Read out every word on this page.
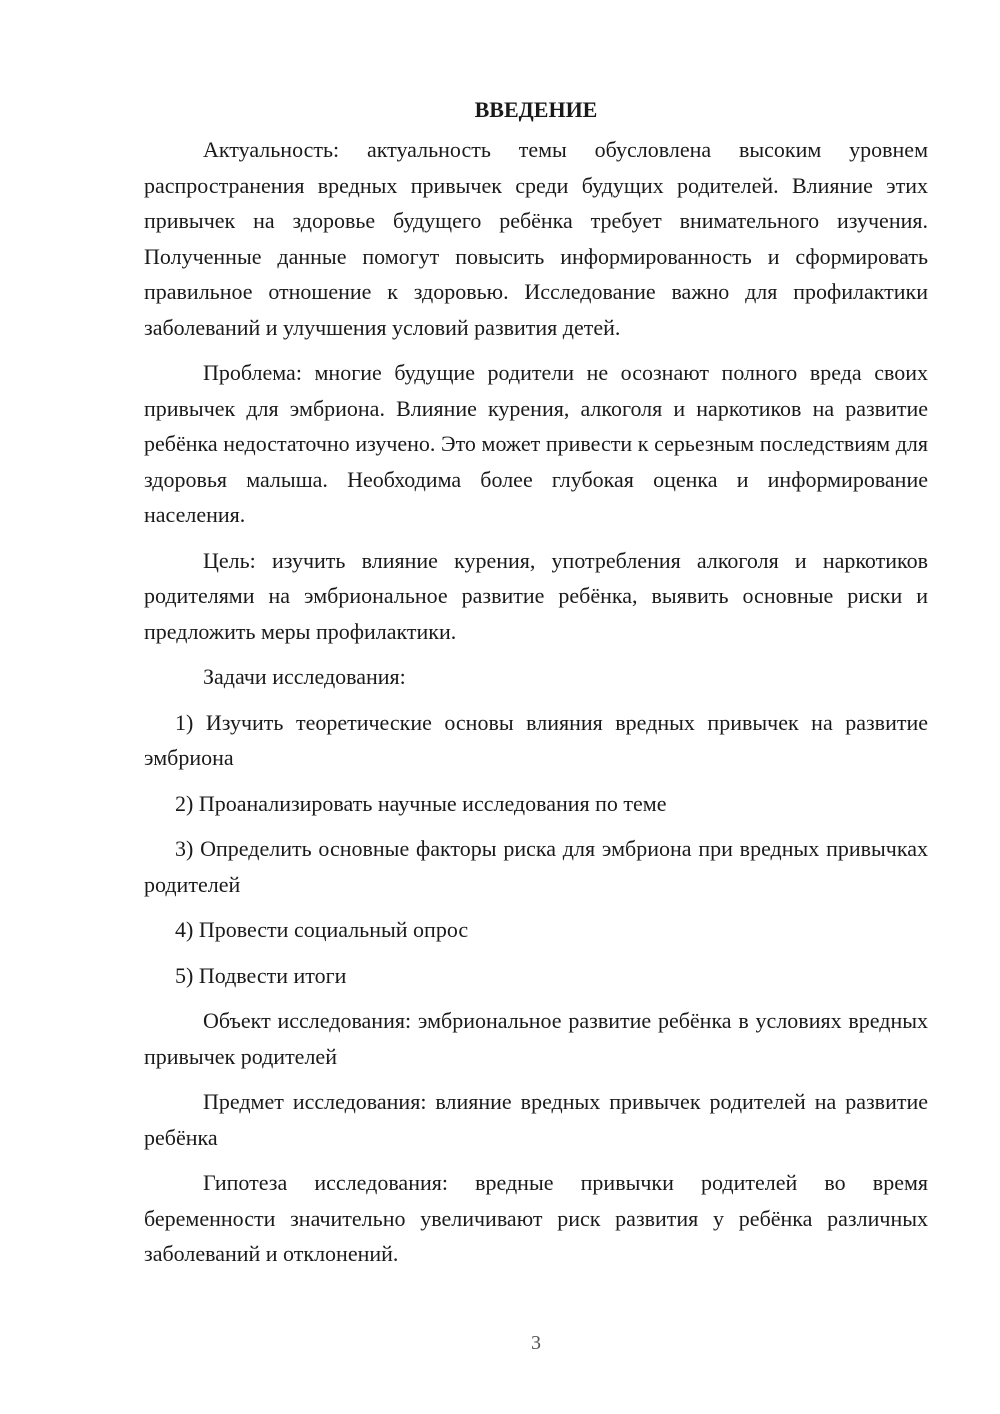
ВВЕДЕНИЕ

Актуальность: актуальность темы обусловлена высоким уровнем распространения вредных привычек среди будущих родителей. Влияние этих привычек на здоровье будущего ребёнка требует внимательного изучения. Полученные данные помогут повысить информированность и сформировать правильное отношение к здоровью. Исследование важно для профилактики заболеваний и улучшения условий развития детей.

Проблема: многие будущие родители не осознают полного вреда своих привычек для эмбриона. Влияние курения, алкоголя и наркотиков на развитие ребёнка недостаточно изучено. Это может привести к серьезным последствиям для здоровья малыша. Необходима более глубокая оценка и информирование населения.

Цель: изучить влияние курения, употребления алкоголя и наркотиков родителями на эмбриональное развитие ребёнка, выявить основные риски и предложить меры профилактики.

Задачи исследования:

1) Изучить теоретические основы влияния вредных привычек на развитие эмбриона

2) Проанализировать научные исследования по теме

3) Определить основные факторы риска для эмбриона при вредных привычках родителей

4) Провести социальный опрос

5) Подвести итоги

Объект исследования: эмбриональное развитие ребёнка в условиях вредных привычек родителей

Предмет исследования: влияние вредных привычек родителей на развитие ребёнка

Гипотеза исследования: вредные привычки родителей во время беременности значительно увеличивают риск развития у ребёнка различных заболеваний и отклонений.

3
